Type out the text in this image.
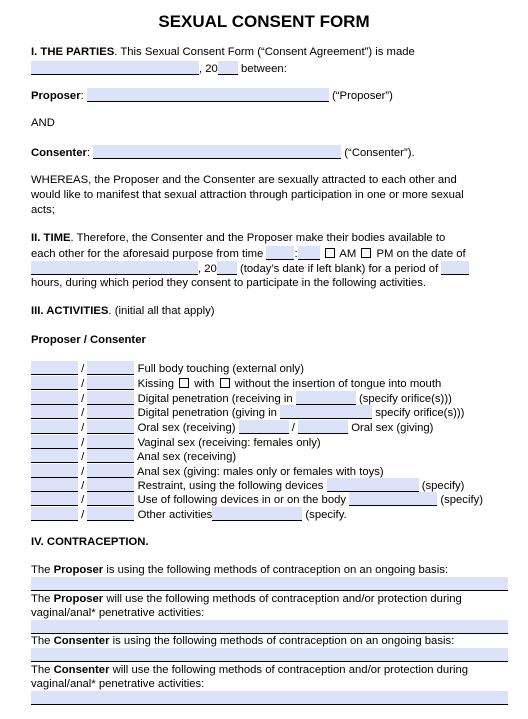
SEXUAL CONSENT FORM
I. THE PARTIES. This Sexual Consent Form (“Consent Agreement”) is made
, 20 between:
Proposer:	(“Proposer”)
AND
Consenter:	(“Consenter”).
WHEREAS, the Proposer and the Consenter are sexually attracted to each other and
would like to manifest that sexual attraction through participation in one or more sexual
acts;
II. TIME. Therefore, the Consenter and the Proposer make their bodies available to
each other for the aforesaid purpose from time	:	AM  PM on the date of
, 20 (today’s date if left blank) for a period of
hours, during which period they consent to participate in the following activities.
III. ACTIVITIES. (initial all that apply)
Proposer / Consenter
/	Full body touching (external only)
/	Kissing  with  without the insertion of tongue into mouth
/	Digital penetration (receiving in	(specify orifice(s)))
/	Digital penetration (giving in	specify orifice(s)))
/	Oral sex (receiving)	/	Oral sex (giving)
/	Vaginal sex (receiving: females only)
/	Anal sex (receiving)
/	Anal sex (giving: males only or females with toys)
/	Restraint, using the following devices	(specify)
/	Use of following devices in or on the body	(specify)
/	Other activities	(specify.
IV. CONTRACEPTION.
The Proposer is using the following methods of contraception on an ongoing basis:
The Proposer will use the following methods of contraception and/or protection during
vaginal/anal* penetrative activities:
The Consenter is using the following methods of contraception on an ongoing basis:
The Consenter will use the following methods of contraception and/or protection during
vaginal/anal* penetrative activities:
